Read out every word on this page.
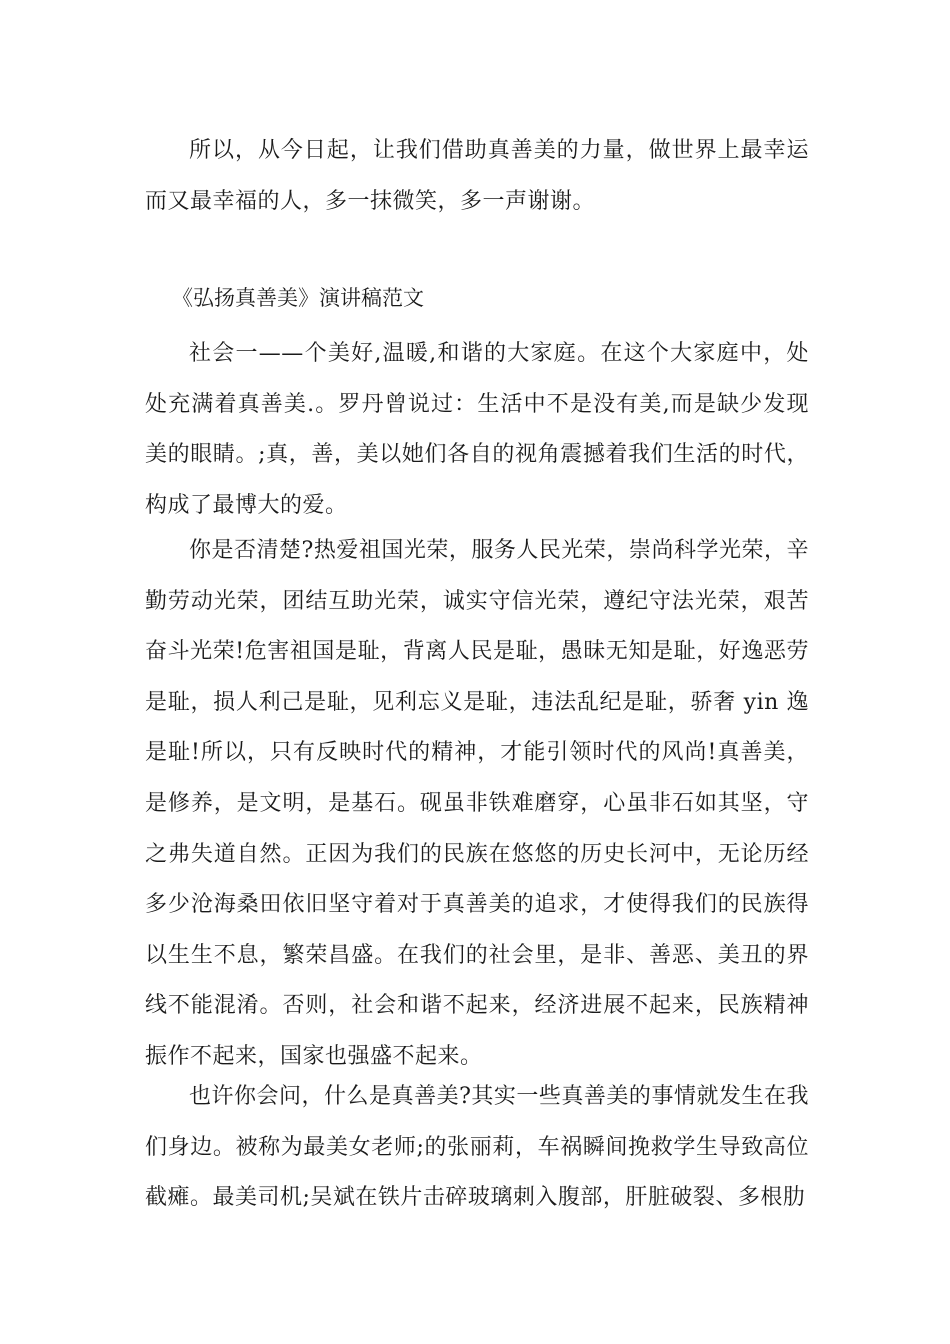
所以，从今日起，让我们借助真善美的力量，做世界上最幸运而又最幸福的人，多一抹微笑，多一声谢谢。

《弘扬真善美》演讲稿范文

社会一——个美好,温暖,和谐的大家庭。在这个大家庭中，处处充满着真善美.。罗丹曾说过：生活中不是没有美,而是缺少发现美的眼睛。;真，善，美以她们各自的视角震撼着我们生活的时代，构成了最博大的爱。

你是否清楚?热爱祖国光荣，服务人民光荣，崇尚科学光荣，辛勤劳动光荣，团结互助光荣，诚实守信光荣，遵纪守法光荣，艰苦奋斗光荣!危害祖国是耻，背离人民是耻，愚昧无知是耻，好逸恶劳是耻，损人利己是耻，见利忘义是耻，违法乱纪是耻，骄奢 yin 逸是耻!所以，只有反映时代的精神，才能引领时代的风尚!真善美，是修养，是文明，是基石。砚虽非铁难磨穿，心虽非石如其坚，守之弗失道自然。正因为我们的民族在悠悠的历史长河中，无论历经多少沧海桑田依旧坚守着对于真善美的追求，才使得我们的民族得以生生不息，繁荣昌盛。在我们的社会里，是非、善恶、美丑的界线不能混淆。否则，社会和谐不起来，经济进展不起来，民族精神振作不起来，国家也强盛不起来。

也许你会问，什么是真善美?其实一些真善美的事情就发生在我们身边。被称为最美女老师;的张丽莉，车祸瞬间挽救学生导致高位截瘫。最美司机;吴斌在铁片击碎玻璃刺入腹部，肝脏破裂、多根肋
